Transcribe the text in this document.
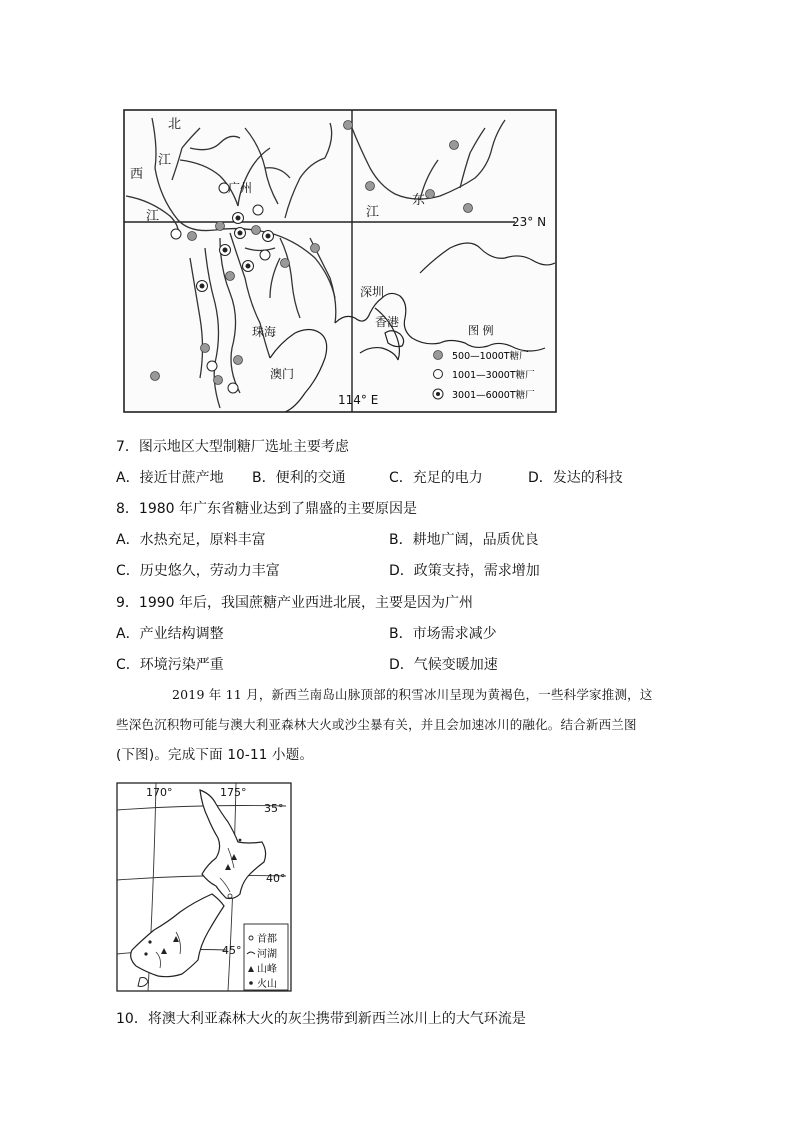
北
江
西
江
广州
江
东
23° N
深圳
香港
珠海
澳门
114° E
图 例
500—1000T糖厂
1001—3000T糖厂
3001—6000T糖厂
7．图示地区大型制糖厂选址主要考虑
A．接近甘蔗产地 B．便利的交通	C．充足的电力	D．发达的科技
8．1980 年广东省糖业达到了鼎盛的主要原因是
A．水热充足，原料丰富	B．耕地广阔，品质优良
C．历史悠久，劳动力丰富	D．政策支持，需求增加
9．1990 年后，我国蔗糖产业西进北展，主要是因为广州
A．产业结构调整	B．市场需求减少
C．环境污染严重	D．气候变暖加速
2019 年 11 月，新西兰南岛山脉顶部的积雪冰川呈现为黄褐色，一些科学家推测，这
些深色沉积物可能与澳大利亚森林大火或沙尘暴有关，并且会加速冰川的融化。结合新西兰图
(下图)。完成下面 10-11 小题。
170°	175°
35°
40°
45°
首都
河湖
山峰
火山
10．将澳大利亚森林大火的灰尘携带到新西兰冰川上的大气环流是
